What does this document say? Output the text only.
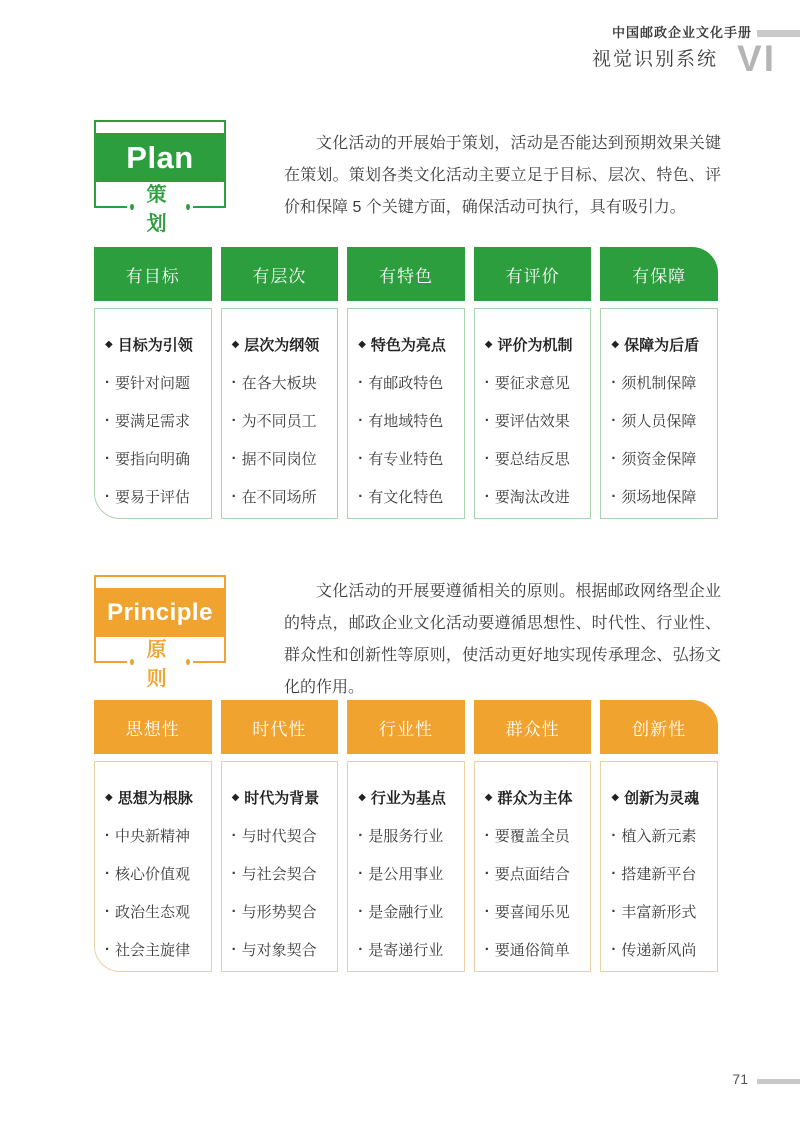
中国邮政企业文化手册
视觉识别系统 VI
Plan
策划
文化活动的开展始于策划，活动是否能达到预期效果关键在策划。策划各类文化活动主要立足于目标、层次、特色、评价和保障 5 个关键方面，确保活动可执行，具有吸引力。
有目标
◆ 目标为引领
· 要针对问题
· 要满足需求
· 要指向明确
· 要易于评估
有层次
◆ 层次为纲领
· 在各大板块
· 为不同员工
· 据不同岗位
· 在不同场所
有特色
◆ 特色为亮点
· 有邮政特色
· 有地域特色
· 有专业特色
· 有文化特色
有评价
◆ 评价为机制
· 要征求意见
· 要评估效果
· 要总结反思
· 要淘汰改进
有保障
◆ 保障为后盾
· 须机制保障
· 须人员保障
· 须资金保障
· 须场地保障
Principle
原则
文化活动的开展要遵循相关的原则。根据邮政网络型企业的特点，邮政企业文化活动要遵循思想性、时代性、行业性、群众性和创新性等原则，使活动更好地实现传承理念、弘扬文化的作用。
思想性
◆ 思想为根脉
· 中央新精神
· 核心价值观
· 政治生态观
· 社会主旋律
时代性
◆ 时代为背景
· 与时代契合
· 与社会契合
· 与形势契合
· 与对象契合
行业性
◆ 行业为基点
· 是服务行业
· 是公用事业
· 是金融行业
· 是寄递行业
群众性
◆ 群众为主体
· 要覆盖全员
· 要点面结合
· 要喜闻乐见
· 要通俗简单
创新性
◆ 创新为灵魂
· 植入新元素
· 搭建新平台
· 丰富新形式
· 传递新风尚
71
